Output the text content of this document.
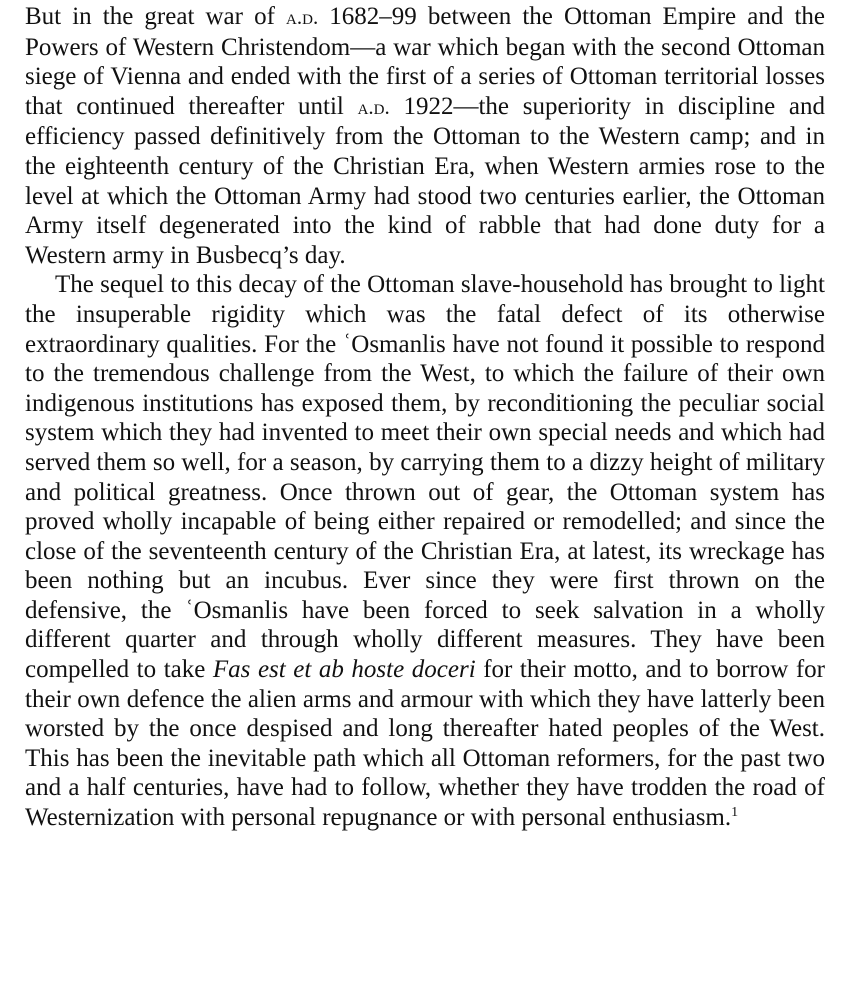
But in the great war of a.d. 1682–99 between the Ottoman Empire and the Powers of Western Christendom—a war which began with the second Ottoman siege of Vienna and ended with the first of a series of Ottoman territorial losses that continued thereafter until a.d. 1922—the superiority in discipline and efficiency passed definitively from the Ottoman to the Western camp; and in the eighteenth century of the Christian Era, when Western armies rose to the level at which the Ottoman Army had stood two centuries earlier, the Ottoman Army itself degenerated into the kind of rabble that had done duty for a Western army in Busbecq’s day.

The sequel to this decay of the Ottoman slave-household has brought to light the insuperable rigidity which was the fatal defect of its otherwise extraordinary qualities. For the ʿOsmanlis have not found it possible to respond to the tremendous challenge from the West, to which the failure of their own indigenous institutions has exposed them, by reconditioning the peculiar social system which they had invented to meet their own special needs and which had served them so well, for a season, by carrying them to a dizzy height of military and political greatness. Once thrown out of gear, the Ottoman system has proved wholly incapable of being either repaired or remodelled; and since the close of the seventeenth century of the Christian Era, at latest, its wreckage has been nothing but an incubus. Ever since they were first thrown on the defensive, the ʿOsmanlis have been forced to seek salvation in a wholly different quarter and through wholly different measures. They have been compelled to take Fas est et ab hoste doceri for their motto, and to borrow for their own defence the alien arms and armour with which they have latterly been worsted by the once despised and long thereafter hated peoples of the West. This has been the inevitable path which all Ottoman reformers, for the past two and a half centuries, have had to follow, whether they have trodden the road of Westernization with personal repugnance or with personal enthusiasm.$^1$
